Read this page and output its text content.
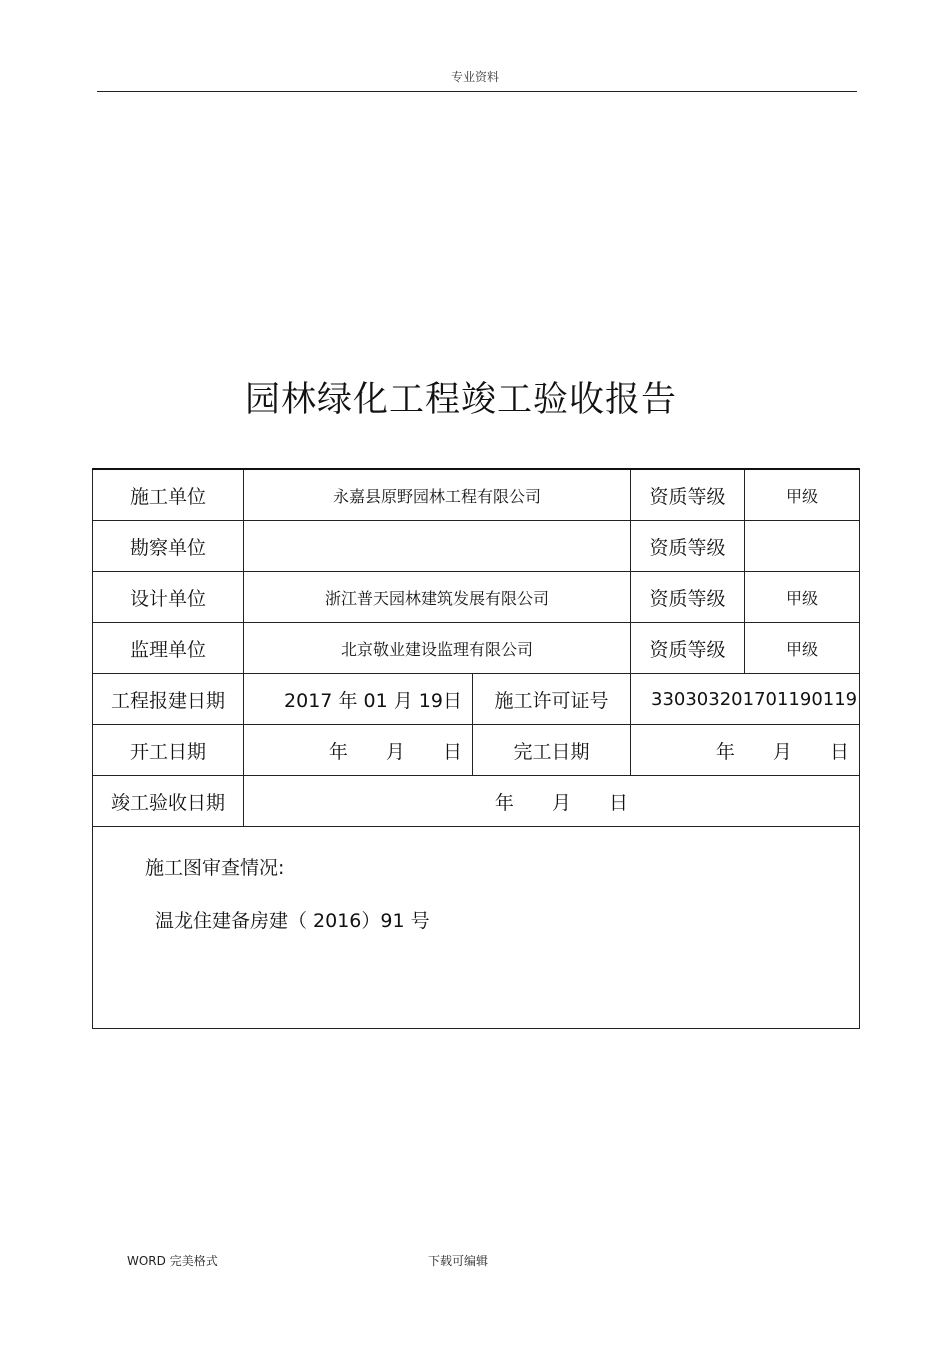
专业资料
园林绿化工程竣工验收报告
施工单位	永嘉县原野园林工程有限公司		资质等级	甲级
勘察单位			资质等级	
设计单位	浙江普天园林建筑发展有限公司		资质等级	甲级
监理单位	北京敬业建设监理有限公司		资质等级	甲级
工程报建日期	2017 年 01 月 19日	施工许可证号	330303201701190119	
开工日期	年 月 日	完工日期	年 月 日	
竣工验收日期	年 月 日			

施工图审查情况:
温龙住建备房建（ 2016）91 号				
WORD 完美格式	下载可编辑
